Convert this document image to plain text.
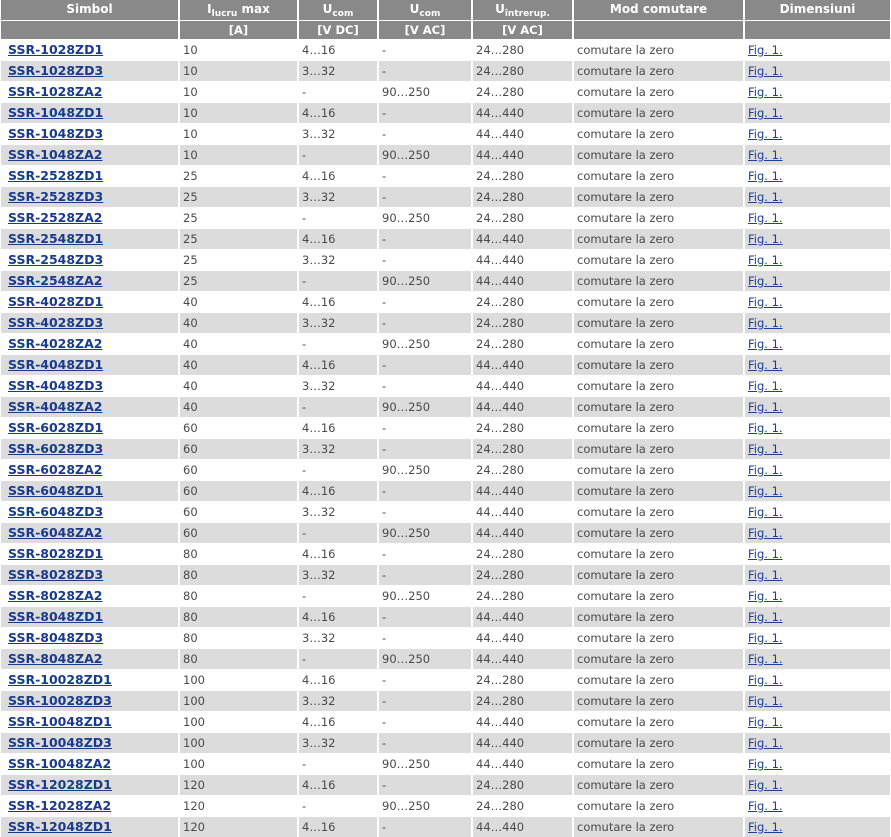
Simbol	$I_{lucru}$ max	$U_{com}$	$U_{com}$	$U_{întrerup.}$	Mod comutare	Dimensiuni
	[A]	[V DC]	[V AC]	[V AC]		
SSR-1028ZD1	10	4…16	-	24…280	comutare la zero	Fig. 1.
SSR-1028ZD3	10	3…32	-	24…280	comutare la zero	Fig. 1.
SSR-1028ZA2	10	-	90…250	24…280	comutare la zero	Fig. 1.
SSR-1048ZD1	10	4…16	-	44…440	comutare la zero	Fig. 1.
SSR-1048ZD3	10	3…32	-	44…440	comutare la zero	Fig. 1.
SSR-1048ZA2	10	-	90…250	44…440	comutare la zero	Fig. 1.
SSR-2528ZD1	25	4…16	-	24…280	comutare la zero	Fig. 1.
SSR-2528ZD3	25	3…32	-	24…280	comutare la zero	Fig. 1.
SSR-2528ZA2	25	-	90…250	24…280	comutare la zero	Fig. 1.
SSR-2548ZD1	25	4…16	-	44…440	comutare la zero	Fig. 1.
SSR-2548ZD3	25	3…32	-	44…440	comutare la zero	Fig. 1.
SSR-2548ZA2	25	-	90…250	44…440	comutare la zero	Fig. 1.
SSR-4028ZD1	40	4…16	-	24…280	comutare la zero	Fig. 1.
SSR-4028ZD3	40	3…32	-	24…280	comutare la zero	Fig. 1.
SSR-4028ZA2	40	-	90…250	24…280	comutare la zero	Fig. 1.
SSR-4048ZD1	40	4…16	-	44…440	comutare la zero	Fig. 1.
SSR-4048ZD3	40	3…32	-	44…440	comutare la zero	Fig. 1.
SSR-4048ZA2	40	-	90…250	44…440	comutare la zero	Fig. 1.
SSR-6028ZD1	60	4…16	-	24…280	comutare la zero	Fig. 1.
SSR-6028ZD3	60	3…32	-	24…280	comutare la zero	Fig. 1.
SSR-6028ZA2	60	-	90…250	24…280	comutare la zero	Fig. 1.
SSR-6048ZD1	60	4…16	-	44…440	comutare la zero	Fig. 1.
SSR-6048ZD3	60	3…32	-	44…440	comutare la zero	Fig. 1.
SSR-6048ZA2	60	-	90…250	44…440	comutare la zero	Fig. 1.
SSR-8028ZD1	80	4…16	-	24…280	comutare la zero	Fig. 1.
SSR-8028ZD3	80	3…32	-	24…280	comutare la zero	Fig. 1.
SSR-8028ZA2	80	-	90…250	24…280	comutare la zero	Fig. 1.
SSR-8048ZD1	80	4…16	-	44…440	comutare la zero	Fig. 1.
SSR-8048ZD3	80	3…32	-	44…440	comutare la zero	Fig. 1.
SSR-8048ZA2	80	-	90…250	44…440	comutare la zero	Fig. 1.
SSR-10028ZD1	100	4…16	-	24…280	comutare la zero	Fig. 1.
SSR-10028ZD3	100	3…32	-	24…280	comutare la zero	Fig. 1.
SSR-10048ZD1	100	4…16	-	44…440	comutare la zero	Fig. 1.
SSR-10048ZD3	100	3…32	-	44…440	comutare la zero	Fig. 1.
SSR-10048ZA2	100	-	90…250	44…440	comutare la zero	Fig. 1.
SSR-12028ZD1	120	4…16	-	24…280	comutare la zero	Fig. 1.
SSR-12028ZA2	120	-	90…250	24…280	comutare la zero	Fig. 1.
SSR-12048ZD1	120	4…16	-	44…440	comutare la zero	Fig. 1.
